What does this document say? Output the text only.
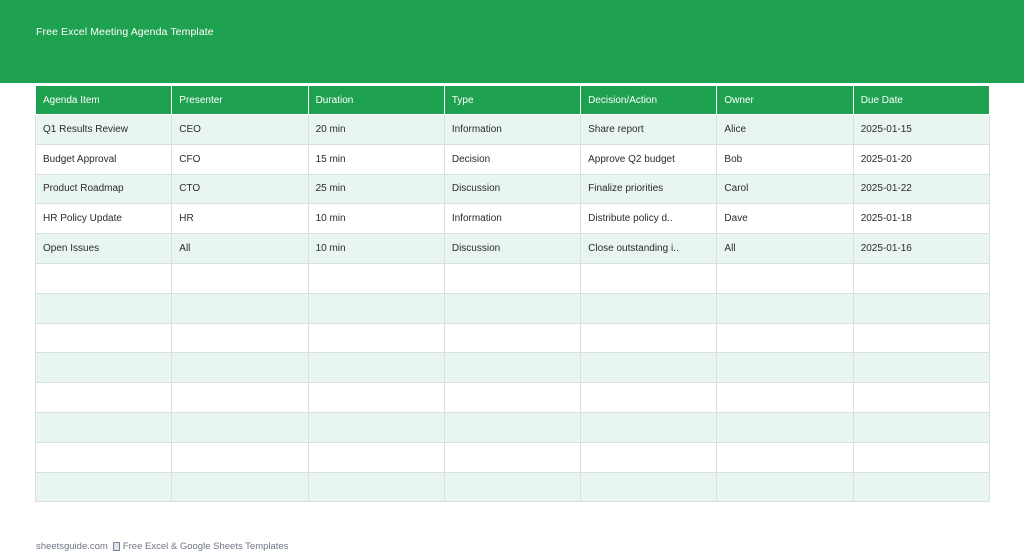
Free Excel Meeting Agenda Template
Agenda Item	Presenter	Duration	Type	Decision/Action	Owner	Due Date
Q1 Results Review	CEO	20 min	Information	Share report	Alice	2025-01-15
Budget Approval	CFO	15 min	Decision	Approve Q2 budget	Bob	2025-01-20
Product Roadmap	CTO	25 min	Discussion	Finalize priorities	Carol	2025-01-22
HR Policy Update	HR	10 min	Information	Distribute policy d..	Dave	2025-01-18
Open Issues	All	10 min	Discussion	Close outstanding i..	All	2025-01-16

sheetsguide.com Free Excel & Google Sheets Templates
